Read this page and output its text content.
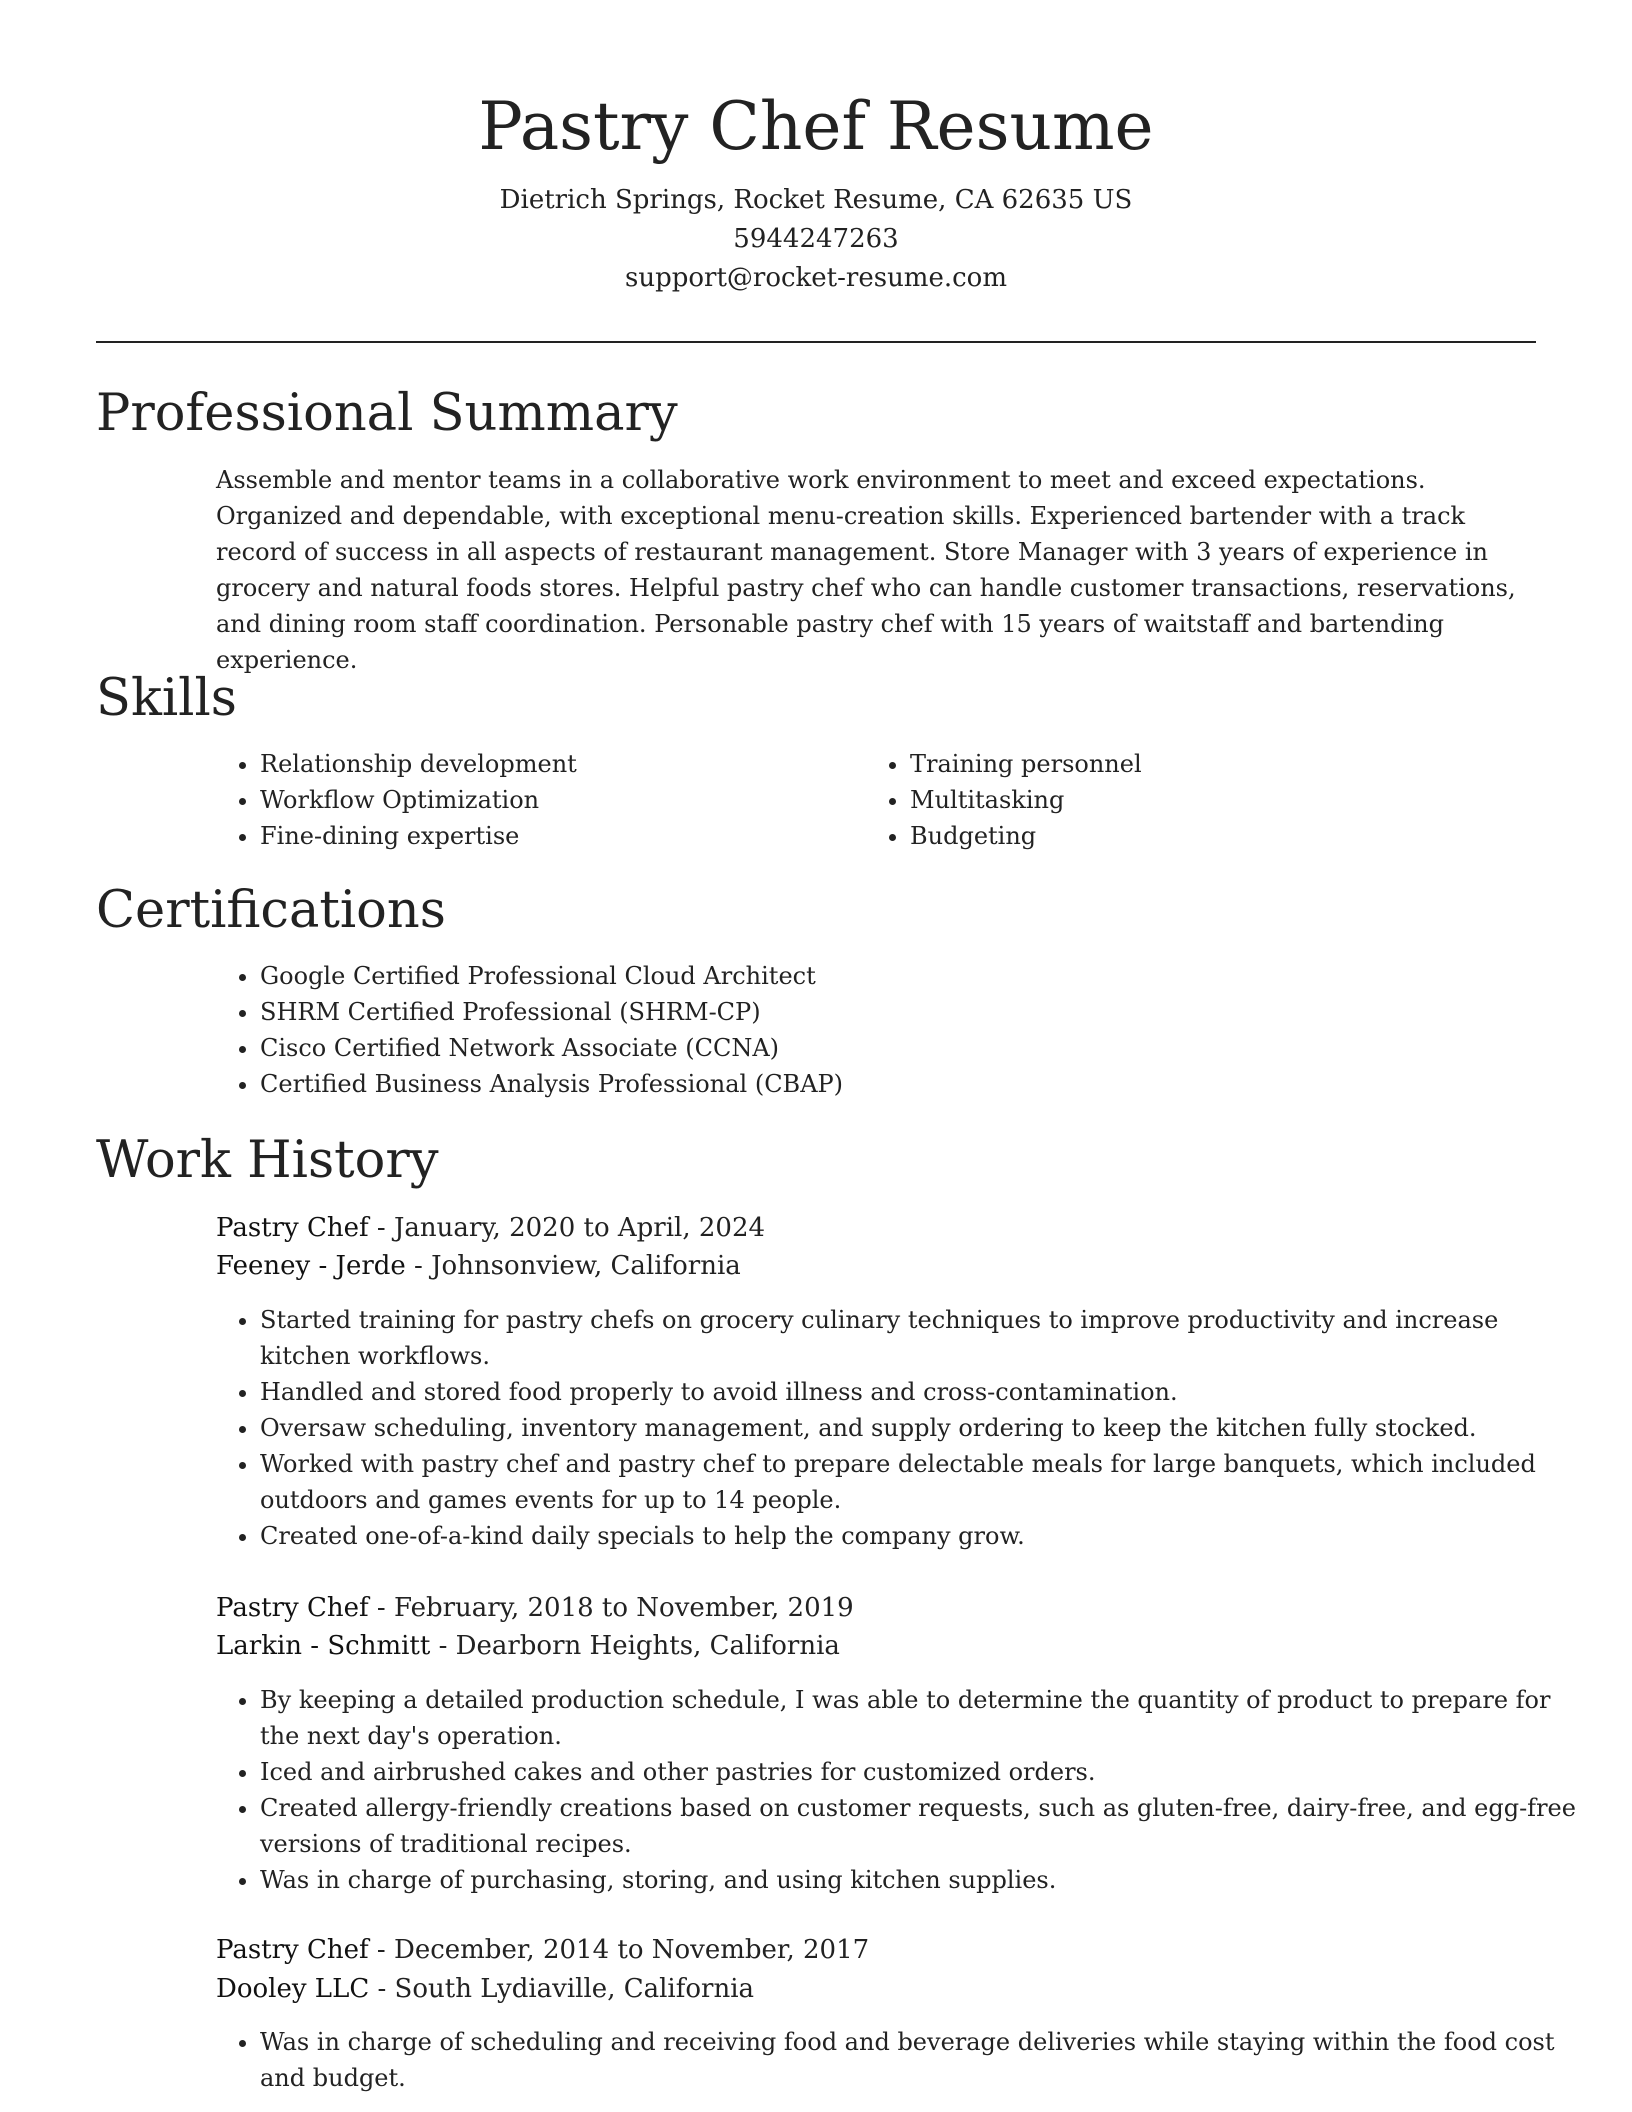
Pastry Chef Resume

Dietrich Springs, Rocket Resume, CA 62635 US

5944247263

support@rocket-resume.com

Professional Summary

Assemble and mentor teams in a collaborative work environment to meet and exceed expectations. Organized and dependable, with exceptional menu-creation skills. Experienced bartender with a track record of success in all aspects of restaurant management. Store Manager with 3 years of experience in grocery and natural foods stores. Helpful pastry chef who can handle customer transactions, reservations, and dining room staff coordination. Personable pastry chef with 15 years of waitstaff and bartending experience.

Skills
• Relationship development
• Workflow Optimization
• Fine-dining expertise
• Training personnel
• Multitasking
• Budgeting
Certifications
• Google Certified Professional Cloud Architect
• SHRM Certified Professional (SHRM-CP)
• Cisco Certified Network Associate (CCNA)
• Certified Business Analysis Professional (CBAP)
Work History
Pastry Chef - January, 2020 to April, 2024
Feeney - Jerde - Johnsonview, California
• Started training for pastry chefs on grocery culinary techniques to improve productivity and increase kitchen workflows.
• Handled and stored food properly to avoid illness and cross-contamination.
• Oversaw scheduling, inventory management, and supply ordering to keep the kitchen fully stocked.
• Worked with pastry chef and pastry chef to prepare delectable meals for large banquets, which included outdoors and games events for up to 14 people.
• Created one-of-a-kind daily specials to help the company grow.
Pastry Chef - February, 2018 to November, 2019
Larkin - Schmitt - Dearborn Heights, California
• By keeping a detailed production schedule, I was able to determine the quantity of product to prepare for the next day's operation.
• Iced and airbrushed cakes and other pastries for customized orders.
• Created allergy-friendly creations based on customer requests, such as gluten-free, dairy-free, and egg-free versions of traditional recipes.
• Was in charge of purchasing, storing, and using kitchen supplies.
Pastry Chef - December, 2014 to November, 2017
Dooley LLC - South Lydiaville, California
• Was in charge of scheduling and receiving food and beverage deliveries while staying within the food cost and budget.
